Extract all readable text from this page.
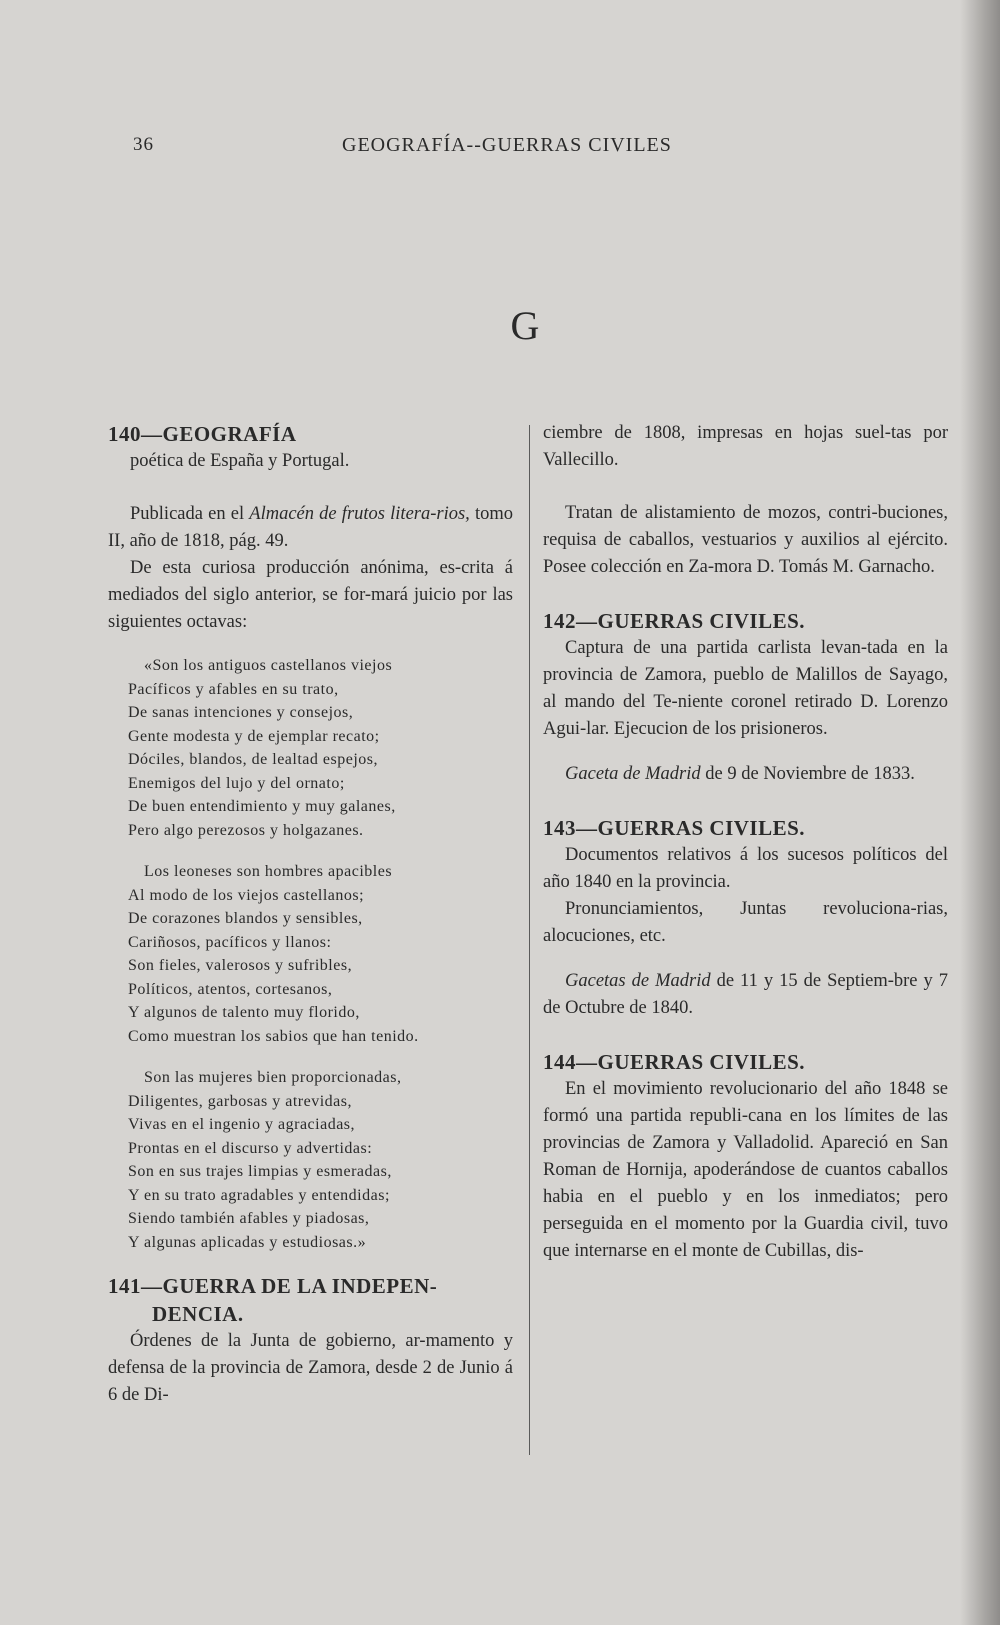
36	GEOGRAFÍA--GUERRAS CIVILES
G
140—GEOGRAFÍA

poética de España y Portugal.

Publicada en el Almacén de frutos litera-rios, tomo II, año de 1818, pág. 49.

De esta curiosa producción anónima, es-crita á mediados del siglo anterior, se for-mará juicio por las siguientes octavas:

«Son los antiguos castellanos viejos
Pacíficos y afables en su trato,
De sanas intenciones y consejos,
Gente modesta y de ejemplar recato;
Dóciles, blandos, de lealtad espejos,
Enemigos del lujo y del ornato;
De buen entendimiento y muy galanes,
Pero algo perezosos y holgazanes.
Los leoneses son hombres apacibles
Al modo de los viejos castellanos;
De corazones blandos y sensibles,
Cariñosos, pacíficos y llanos:
Son fieles, valerosos y sufribles,
Políticos, atentos, cortesanos,
Y algunos de talento muy florido,
Como muestran los sabios que han tenido.
Son las mujeres bien proporcionadas,
Diligentes, garbosas y atrevidas,
Vivas en el ingenio y agraciadas,
Prontas en el discurso y advertidas:
Son en sus trajes limpias y esmeradas,
Y en su trato agradables y entendidas;
Siendo también afables y piadosas,
Y algunas aplicadas y estudiosas.»
141—GUERRA DE LA INDEPEN-
DENCIA.

Órdenes de la Junta de gobierno, ar-mamento y defensa de la provincia de Zamora, desde 2 de Junio á 6 de Di-

ciembre de 1808, impresas en hojas suel-tas por Vallecillo.

Tratan de alistamiento de mozos, contri-buciones, requisa de caballos, vestuarios y auxilios al ejército. Posee colección en Za-mora D. Tomás M. Garnacho.

142—GUERRAS CIVILES.

Captura de una partida carlista levan-tada en la provincia de Zamora, pueblo de Malillos de Sayago, al mando del Te-niente coronel retirado D. Lorenzo Agui-lar. Ejecucion de los prisioneros.

Gaceta de Madrid de 9 de Noviembre de 1833.

143—GUERRAS CIVILES.

Documentos relativos á los sucesos políticos del año 1840 en la provincia.

Pronunciamientos, Juntas revoluciona-rias, alocuciones, etc.

Gacetas de Madrid de 11 y 15 de Septiem-bre y 7 de Octubre de 1840.

144—GUERRAS CIVILES.

En el movimiento revolucionario del año 1848 se formó una partida republi-cana en los límites de las provincias de Zamora y Valladolid. Apareció en San Roman de Hornija, apoderándose de cuantos caballos habia en el pueblo y en los inmediatos; pero perseguida en el momento por la Guardia civil, tuvo que internarse en el monte de Cubillas, dis-
